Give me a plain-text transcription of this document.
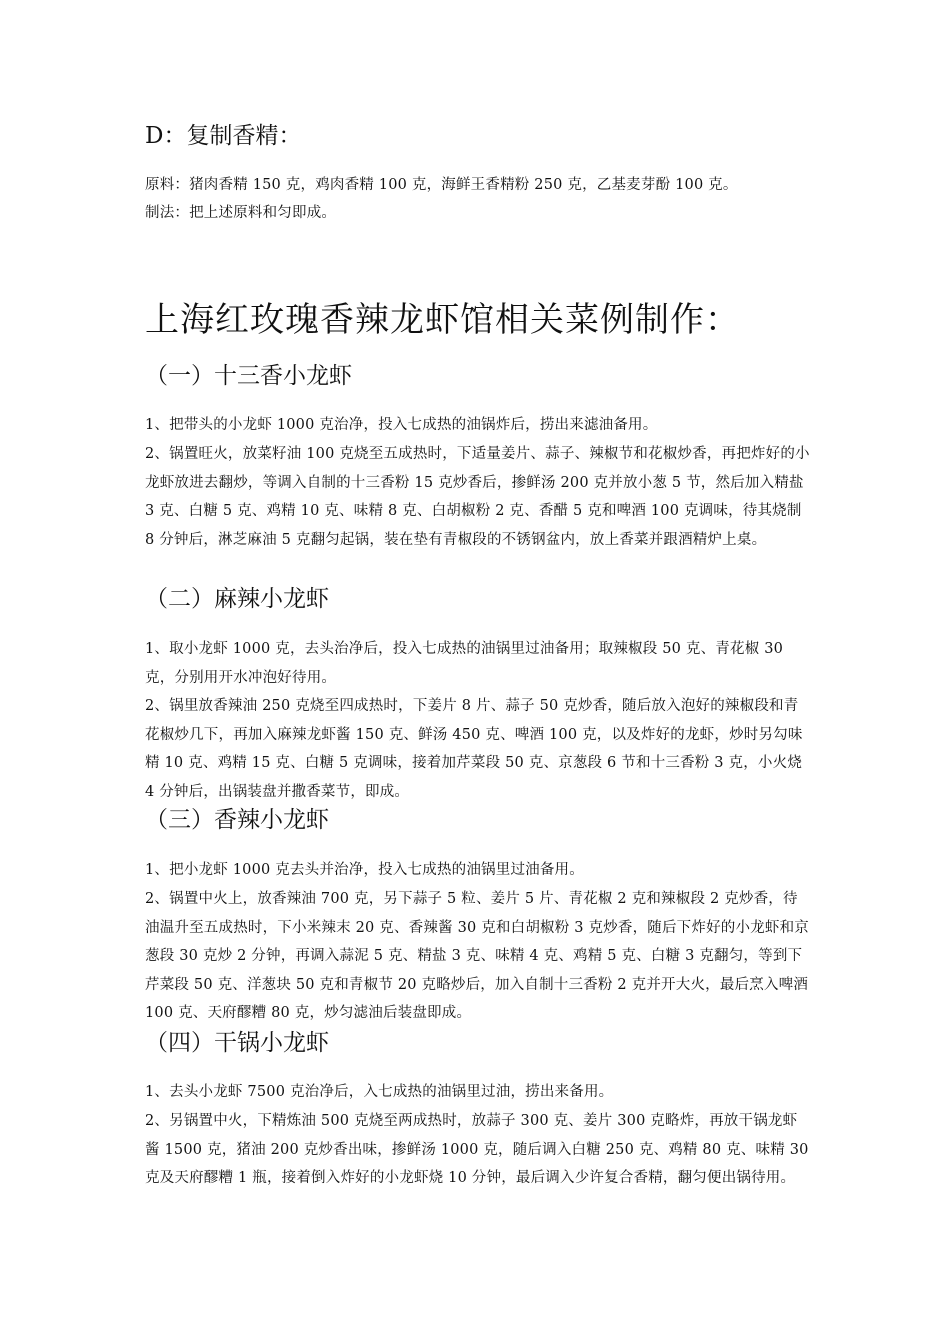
D：复制香精：
原料：猪肉香精 150 克，鸡肉香精 100 克，海鲜王香精粉 250 克，乙基麦芽酚 100 克。
制法：把上述原料和匀即成。
上海红玫瑰香辣龙虾馆相关菜例制作：
（一）十三香小龙虾
1、把带头的小龙虾 1000 克治净，投入七成热的油锅炸后，捞出来滤油备用。
2、锅置旺火，放菜籽油 100 克烧至五成热时，下适量姜片、蒜子、辣椒节和花椒炒香，再把炸好的小龙虾放进去翻炒，等调入自制的十三香粉 15 克炒香后，掺鲜汤 200 克并放小葱 5 节，然后加入精盐 3 克、白糖 5 克、鸡精 10 克、味精 8 克、白胡椒粉 2 克、香醋 5 克和啤酒 100 克调味，待其烧制 8 分钟后，淋芝麻油 5 克翻匀起锅，装在垫有青椒段的不锈钢盆内，放上香菜并跟酒精炉上桌。
（二）麻辣小龙虾
1、取小龙虾 1000 克，去头治净后，投入七成热的油锅里过油备用；取辣椒段 50 克、青花椒 30 克，分别用开水冲泡好待用。
2、锅里放香辣油 250 克烧至四成热时，下姜片 8 片、蒜子 50 克炒香，随后放入泡好的辣椒段和青花椒炒几下，再加入麻辣龙虾酱 150 克、鲜汤 450 克、啤酒 100 克，以及炸好的龙虾，炒时另勾味精 10 克、鸡精 15 克、白糖 5 克调味，接着加芹菜段 50 克、京葱段 6 节和十三香粉 3 克，小火烧 4 分钟后，出锅装盘并撒香菜节，即成。
（三）香辣小龙虾
1、把小龙虾 1000 克去头并治净，投入七成热的油锅里过油备用。
2、锅置中火上，放香辣油 700 克，另下蒜子 5 粒、姜片 5 片、青花椒 2 克和辣椒段 2 克炒香，待油温升至五成热时，下小米辣末 20 克、香辣酱 30 克和白胡椒粉 3 克炒香，随后下炸好的小龙虾和京葱段 30 克炒 2 分钟，再调入蒜泥 5 克、精盐 3 克、味精 4 克、鸡精 5 克、白糖 3 克翻匀，等到下芹菜段 50 克、洋葱块 50 克和青椒节 20 克略炒后，加入自制十三香粉 2 克并开大火，最后烹入啤酒 100 克、天府醪糟 80 克，炒匀滤油后装盘即成。
（四）干锅小龙虾
1、去头小龙虾 7500 克治净后，入七成热的油锅里过油，捞出来备用。
2、另锅置中火，下精炼油 500 克烧至两成热时，放蒜子 300 克、姜片 300 克略炸，再放干锅龙虾酱 1500 克，猪油 200 克炒香出味，掺鲜汤 1000 克，随后调入白糖 250 克、鸡精 80 克、味精 30 克及天府醪糟 1 瓶，接着倒入炸好的小龙虾烧 10 分钟，最后调入少许复合香精，翻匀便出锅待用。
